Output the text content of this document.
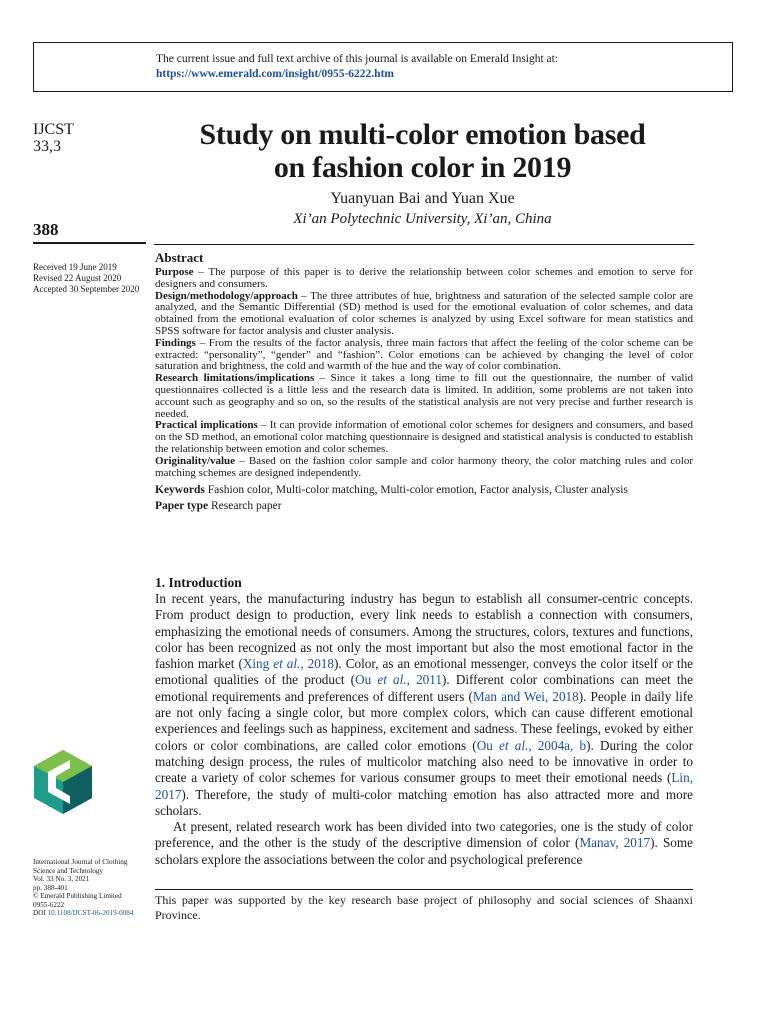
The current issue and full text archive of this journal is available on Emerald Insight at:
https://www.emerald.com/insight/0955-6222.htm
IJCST
33,3
388
Received 19 June 2019
Revised 22 August 2020
Accepted 30 September 2020
Study on multi-color emotion based
on fashion color in 2019
Yuanyuan Bai and Yuan Xue
Xi’an Polytechnic University, Xi’an, China
Abstract

Purpose – The purpose of this paper is to derive the relationship between color schemes and emotion to serve for designers and consumers.

Design/methodology/approach – The three attributes of hue, brightness and saturation of the selected sample color are analyzed, and the Semantic Differential (SD) method is used for the emotional evaluation of color schemes, and data obtained from the emotional evaluation of color schemes is analyzed by using Excel software for mean statistics and SPSS software for factor analysis and cluster analysis.

Findings – From the results of the factor analysis, three main factors that affect the feeling of the color scheme can be extracted: “personality”, “gender” and “fashion”. Color emotions can be achieved by changing the level of color saturation and brightness, the cold and warmth of the hue and the way of color combination.

Research limitations/implications – Since it takes a long time to fill out the questionnaire, the number of valid questionnaires collected is a little less and the research data is limited. In addition, some problems are not taken into account such as geography and so on, so the results of the statistical analysis are not very precise and further research is needed.

Practical implications – It can provide information of emotional color schemes for designers and consumers, and based on the SD method, an emotional color matching questionnaire is designed and statistical analysis is conducted to establish the relationship between emotion and color schemes.

Originality/value – Based on the fashion color sample and color harmony theory, the color matching rules and color matching schemes are designed independently.

Keywords Fashion color, Multi-color matching, Multi-color emotion, Factor analysis, Cluster analysis

Paper type Research paper

1. Introduction

In recent years, the manufacturing industry has begun to establish all consumer-centric concepts. From product design to production, every link needs to establish a connection with consumers, emphasizing the emotional needs of consumers. Among the structures, colors, textures and functions, color has been recognized as not only the most important but also the most emotional factor in the fashion market (Xing et al., 2018). Color, as an emotional messenger, conveys the color itself or the emotional qualities of the product (Ou et al., 2011). Different color combinations can meet the emotional requirements and preferences of different users (Man and Wei, 2018). People in daily life are not only facing a single color, but more complex colors, which can cause different emotional experiences and feelings such as happiness, excitement and sadness. These feelings, evoked by either colors or color combinations, are called color emotions (Ou et al., 2004a, b). During the color matching design process, the rules of multicolor matching also need to be innovative in order to create a variety of color schemes for various consumer groups to meet their emotional needs (Lin, 2017). Therefore, the study of multi-color matching emotion has also attracted more and more scholars.

At present, related research work has been divided into two categories, one is the study of color preference, and the other is the study of the descriptive dimension of color (Manav, 2017). Some scholars explore the associations between the color and psychological preference

International Journal of Clothing
Science and Technology
Vol. 33 No. 3, 2021
pp. 388-401
© Emerald Publishing Limited
0955-6222
DOI 10.1108/IJCST-06-2019-0084
This paper was supported by the key research base project of philosophy and social sciences of Shaanxi Province.
